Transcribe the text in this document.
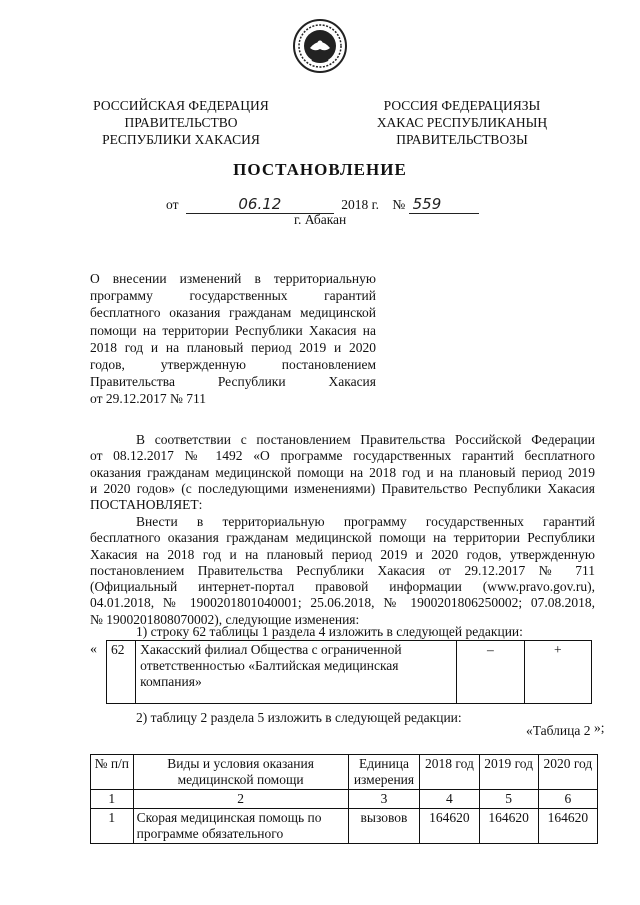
РОССИЙСКАЯ ФЕДЕРАЦИЯ
ПРАВИТЕЛЬСТВО
РЕСПУБЛИКИ ХАКАСИЯ
РОССИЯ ФЕДЕРАЦИЯЗЫ
ХАКАС РЕСПУБЛИКАНЫҢ
ПРАВИТЕЛЬСТВОЗЫ
ПОСТАНОВЛЕНИЕ
от	06.12	2018 г. № 559
г. Абакан
О внесении изменений в территориальную
программу государственных гарантий
бесплатного оказания гражданам медицинской
помощи на территории Республики Хакасия на
2018 год и на плановый период 2019 и 2020
годов, утвержденную постановлением
Правительства Республики Хакасия
от 29.12.2017 № 711
В соответствии с постановлением Правительства Российской Федерации
от 08.12.2017 № 1492 «О программе государственных гарантий бесплатного
оказания гражданам медицинской помощи на 2018 год и на плановый период 2019
и 2020 годов» (с последующими изменениями) Правительство Республики Хакасия
ПОСТАНОВЛЯЕТ:
Внести в территориальную программу государственных гарантий
бесплатного оказания гражданам медицинской помощи на территории Республики
Хакасия на 2018 год и на плановый период 2019 и 2020 годов, утвержденную
постановлением Правительства Республики Хакасия от 29.12.2017 № 711
(Официальный интернет-портал правовой информации (www.pravo.gov.ru),
04.01.2018, № 1900201801040001; 25.06.2018, № 1900201806250002; 07.08.2018,
№ 1900201808070002), следующие изменения:
1) строку 62 таблицы 1 раздела 4 изложить в следующей редакции:
« 62	Хакасский филиал Общества с ограниченной ответственностью «Балтийская медицинская компания»	–	+
»;
2) таблицу 2 раздела 5 изложить в следующей редакции:
«Таблица 2
№ п/п	Виды и условия оказания медицинской помощи	Единица измерения	2018 год	2019 год	2020 год
1	2	3	4	5	6
1	Скорая медицинская помощь по программе обязательного	вызовов	164620	164620	164620
